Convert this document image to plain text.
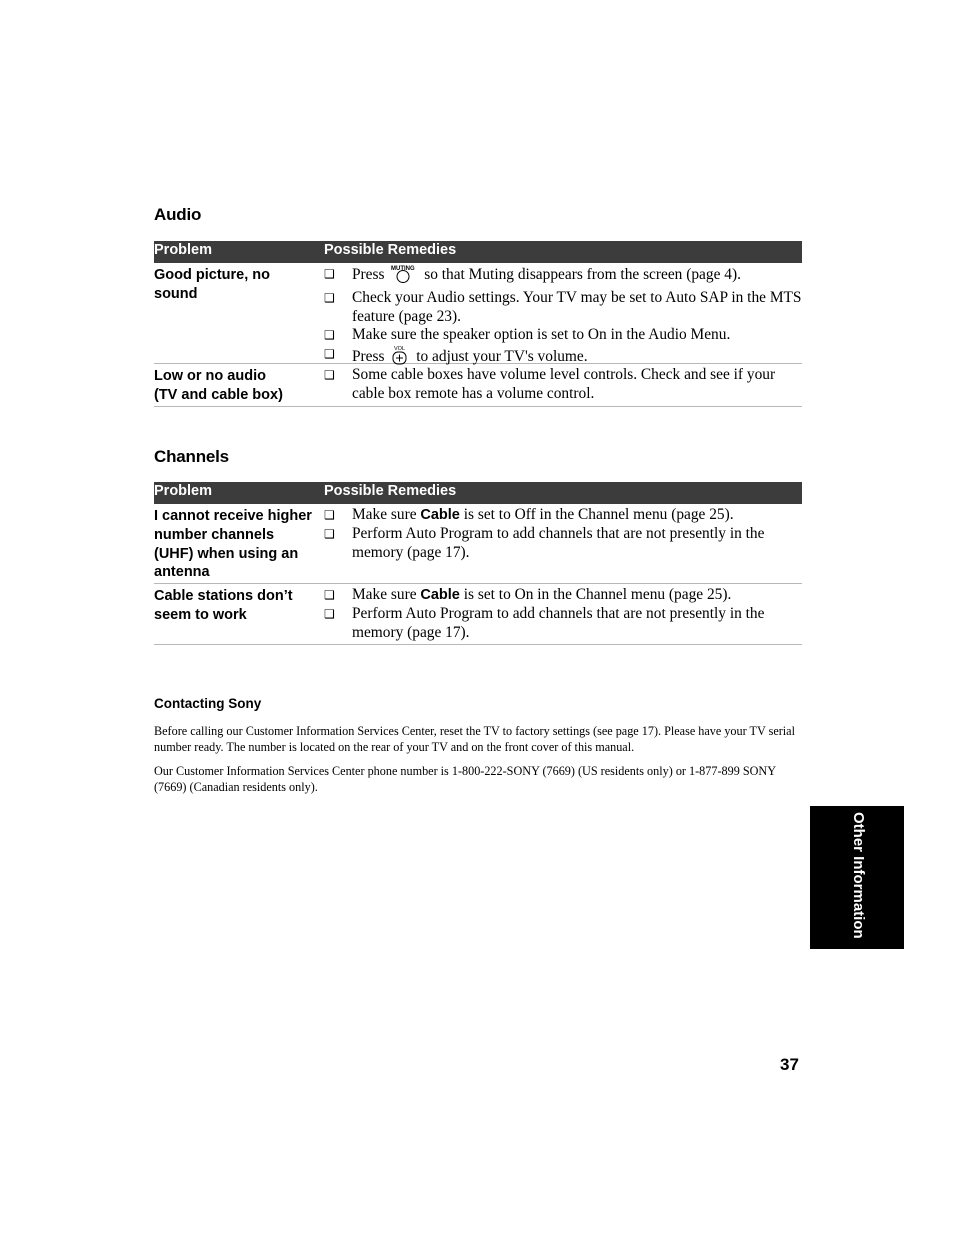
Audio
Problem	Possible Remedies
Good picture, no sound
❑	Press MUTING so that Muting disappears from the screen (page 4).
❑	Check your Audio settings. Your TV may be set to Auto SAP in the MTS feature (page 23).
❑	Make sure the speaker option is set to On in the Audio Menu.
❑	Press VOL to adjust your TV's volume.
Low or no audio
(TV and cable box)
❑	Some cable boxes have volume level controls. Check and see if your cable box remote has a volume control.
Channels
Problem	Possible Remedies
I cannot receive higher number channels (UHF) when using an antenna
❑	Make sure Cable is set to Off in the Channel menu (page 25).
❑	Perform Auto Program to add channels that are not presently in the memory (page 17).
Cable stations don’t seem to work
❑	Make sure Cable is set to On in the Channel menu (page 25).
❑	Perform Auto Program to add channels that are not presently in the memory (page 17).
Contacting Sony
Before calling our Customer Information Services Center, reset the TV to factory settings (see page 17). Please have your TV serial number ready. The number is located on the rear of your TV and on the front cover of this manual.
Our Customer Information Services Center phone number is 1-800-222-SONY (7669) (US residents only) or 1-877-899 SONY (7669) (Canadian residents only).
Other Information
37
